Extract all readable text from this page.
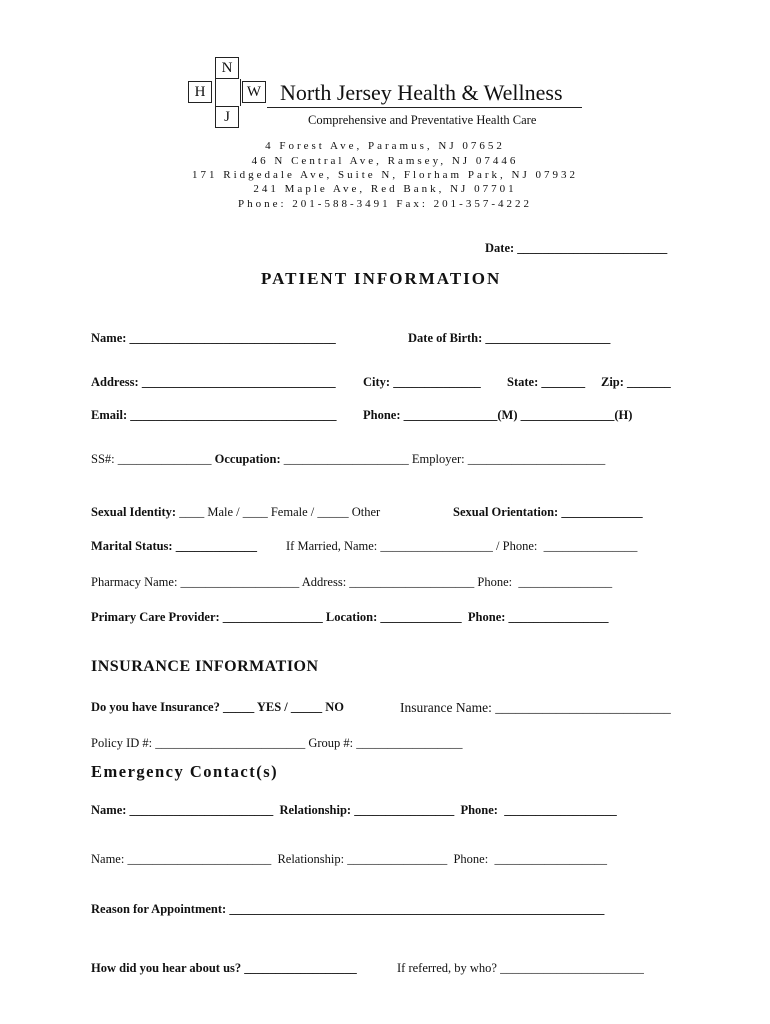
N
H	W
J
North Jersey Health & Wellness
Comprehensive and Preventative Health Care
4 Forest Ave, Paramus, NJ 07652
46 N Central Ave, Ramsey, NJ 07446
171 Ridgedale Ave, Suite N, Florham Park, NJ 07932
241 Maple Ave, Red Bank, NJ 07701
Phone: 201-588-3491 Fax: 201-357-4222
Date: ________________________
PATIENT INFORMATION
Name: _________________________________	Date of Birth: ____________________
Address: _______________________________ City: ______________ State: _______ Zip: _______
Email: _________________________________ Phone: _______________(M) _______________(H)
SS#: _______________ Occupation: ____________________ Employer: ______________________
Sexual Identity: ____ Male / ____ Female / _____ Other	Sexual Orientation: _____________
Marital Status: _____________ If Married, Name: __________________ / Phone:  _______________
Pharmacy Name: ___________________ Address: ____________________ Phone:  _______________
Primary Care Provider: ________________ Location: _____________  Phone: ________________
INSURANCE INFORMATION
Do you have Insurance? _____ YES / _____ NO	Insurance Name: __________________________
Policy ID #: ________________________ Group #: _________________
Emergency Contact(s)
Name: _______________________  Relationship: ________________  Phone:  __________________
Name: _______________________  Relationship: ________________  Phone:  __________________
Reason for Appointment: ____________________________________________________________
How did you hear about us? __________________	If referred, by who? _______________________
